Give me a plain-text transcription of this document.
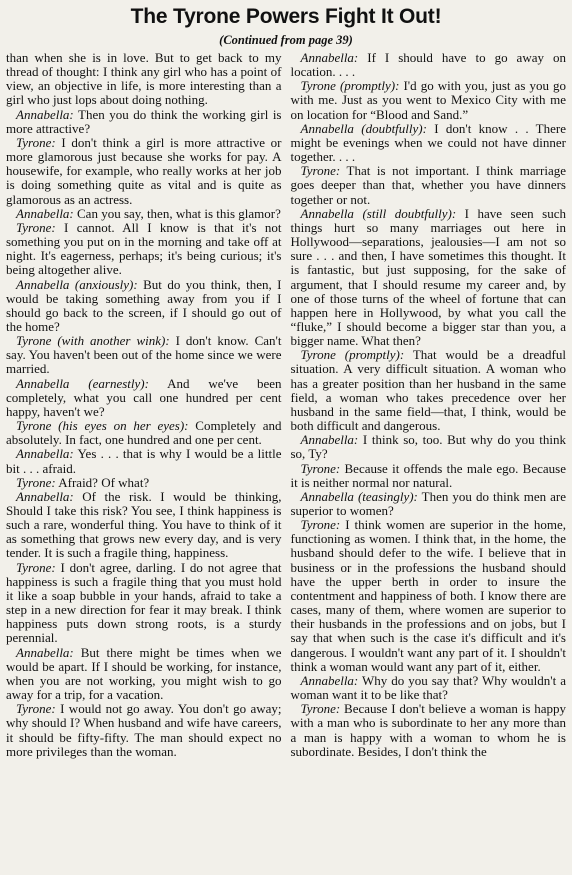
The Tyrone Powers Fight It Out!
(Continued from page 39)

than when she is in love. But to get back to my thread of thought: I think any girl who has a point of view, an objective in life, is more interesting than a girl who just lops about doing nothing.

Annabella: Then you do think the working girl is more attractive?

Tyrone: I don't think a girl is more attractive or more glamorous just because she works for pay. A housewife, for example, who really works at her job is doing something quite as vital and is quite as glamorous as an actress.

Annabella: Can you say, then, what is this glamor?

Tyrone: I cannot. All I know is that it's not something you put on in the morning and take off at night. It's eagerness, perhaps; it's being curious; it's being altogether alive.

Annabella (anxiously): But do you think, then, I would be taking something away from you if I should go back to the screen, if I should go out of the home?

Tyrone (with another wink): I don't know. Can't say. You haven't been out of the home since we were married.

Annabella (earnestly): And we've been completely, what you call one hundred per cent happy, haven't we?

Tyrone (his eyes on her eyes): Completely and absolutely. In fact, one hundred and one per cent.

Annabella: Yes . . . that is why I would be a little bit . . . afraid.

Tyrone: Afraid? Of what?

Annabella: Of the risk. I would be thinking, Should I take this risk? You see, I think happiness is such a rare, wonderful thing. You have to think of it as something that grows new every day, and is very tender. It is such a fragile thing, happiness.

Tyrone: I don't agree, darling. I do not agree that happiness is such a fragile thing that you must hold it like a soap bubble in your hands, afraid to take a step in a new direction for fear it may break. I think happiness puts down strong roots, is a sturdy perennial.

Annabella: But there might be times when we would be apart. If I should be working, for instance, when you are not working, you might wish to go away for a trip, for a vacation.

Tyrone: I would not go away. You don't go away; why should I? When husband and wife have careers, it should be fifty-fifty. The man should expect no more privileges than the woman.

Annabella: If I should have to go away on location. . . .

Tyrone (promptly): I'd go with you, just as you go with me. Just as you went to Mexico City with me on location for “Blood and Sand.”

Annabella (doubtfully): I don't know . . There might be evenings when we could not have dinner together. . . .

Tyrone: That is not important. I think marriage goes deeper than that, whether you have dinners together or not.

Annabella (still doubtfully): I have seen such things hurt so many marriages out here in Hollywood—separations, jealousies—I am not so sure . . . and then, I have sometimes this thought. It is fantastic, but just supposing, for the sake of argument, that I should resume my career and, by one of those turns of the wheel of fortune that can happen here in Hollywood, by what you call the “fluke,” I should become a bigger star than you, a bigger name. What then?

Tyrone (promptly): That would be a dreadful situation. A very difficult situation. A woman who has a greater position than her husband in the same field, a woman who takes precedence over her husband in the same field—that, I think, would be both difficult and dangerous.

Annabella: I think so, too. But why do you think so, Ty?

Tyrone: Because it offends the male ego. Because it is neither normal nor natural.

Annabella (teasingly): Then you do think men are superior to women?

Tyrone: I think women are superior in the home, functioning as women. I think that, in the home, the husband should defer to the wife. I believe that in business or in the professions the husband should have the upper berth in order to insure the contentment and happiness of both. I know there are cases, many of them, where women are superior to their husbands in the professions and on jobs, but I say that when such is the case it's difficult and it's dangerous. I wouldn't want any part of it. I shouldn't think a woman would want any part of it, either.

Annabella: Why do you say that? Why wouldn't a woman want it to be like that?

Tyrone: Because I don't believe a woman is happy with a man who is subordinate to her any more than a man is happy with a woman to whom he is subordinate. Besides, I don't think the
